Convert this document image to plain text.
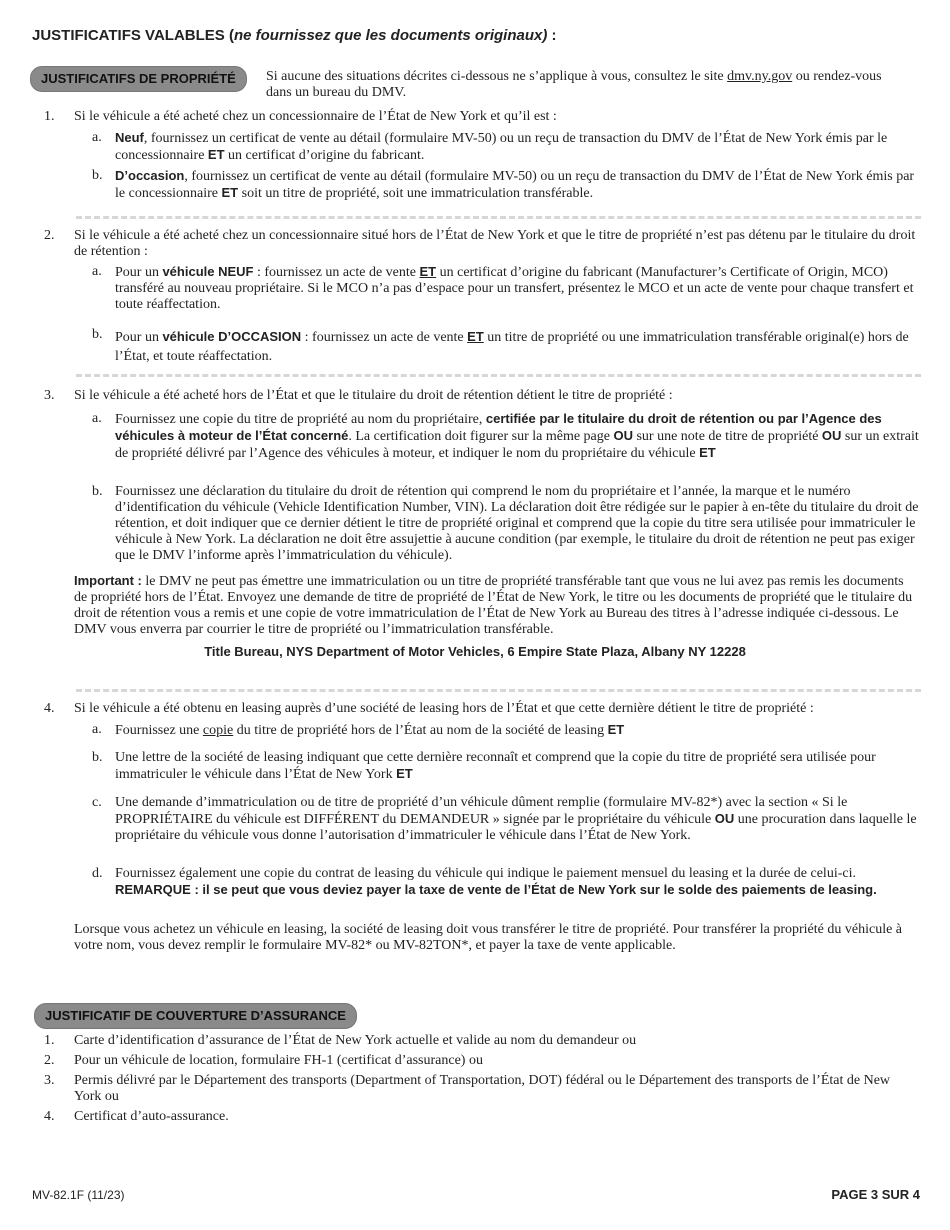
JUSTIFICATIFS VALABLES (ne fournissez que les documents originaux) :
JUSTIFICATIFS DE PROPRIÉTÉ	Si aucune des situations décrites ci-dessous ne s’applique à vous, consultez le site dmv.ny.gov ou rendez-vous dans un bureau du DMV.
1.	Si le véhicule a été acheté chez un concessionnaire de l’État de New York et qu’il est :
a.	Neuf, fournissez un certificat de vente au détail (formulaire MV-50) ou un reçu de transaction du DMV de l’État de New York émis par le concessionnaire ET un certificat d’origine du fabricant.
b. D’occasion, fournissez un certificat de vente au détail (formulaire MV-50) ou un reçu de transaction du DMV de l’État de New York émis par le concessionnaire ET soit un titre de propriété, soit une immatriculation transférable.
2.	Si le véhicule a été acheté chez un concessionnaire situé hors de l’État de New York et que le titre de propriété n’est pas détenu par le titulaire du droit de rétention :
a. Pour un véhicule NEUF : fournissez un acte de vente ET un certificat d’origine du fabricant (Manufacturer’s Certificate of Origin, MCO) transféré au nouveau propriétaire. Si le MCO n’a pas d’espace pour un transfert, présentez le MCO et un acte de vente pour chaque transfert et toute réaffectation.
b. Pour un véhicule D’OCCASION : fournissez un acte de vente ET un titre de propriété ou une immatriculation transférable original(e) hors de l’État, et toute réaffectation.
3.	Si le véhicule a été acheté hors de l’État et que le titulaire du droit de rétention détient le titre de propriété :
a. Fournissez une copie du titre de propriété au nom du propriétaire, certifiée par le titulaire du droit de rétention ou par l’Agence des véhicules à moteur de l’État concerné. La certification doit figurer sur la même page OU sur une note de titre de propriété OU sur un extrait de propriété délivré par l’Agence des véhicules à moteur, et indiquer le nom du propriétaire du véhicule ET
b. Fournissez une déclaration du titulaire du droit de rétention qui comprend le nom du propriétaire et l’année, la marque et le numéro d’identification du véhicule (Vehicle Identification Number, VIN). La déclaration doit être rédigée sur le papier à en-tête du titulaire du droit de rétention, et doit indiquer que ce dernier détient le titre de propriété original et comprend que la copie du titre sera utilisée pour immatriculer le véhicule à New York. La déclaration ne doit être assujettie à aucune condition (par exemple, le titulaire du droit de rétention ne peut pas exiger que le DMV l’informe après l’immatriculation du véhicule).
Important : le DMV ne peut pas émettre une immatriculation ou un titre de propriété transférable tant que vous ne lui avez pas remis les documents de propriété hors de l’État. Envoyez une demande de titre de propriété de l’État de New York, le titre ou les documents de propriété que le titulaire du droit de rétention vous a remis et une copie de votre immatriculation de l’État de New York au Bureau des titres à l’adresse indiquée ci-dessous. Le DMV vous enverra par courrier le titre de propriété ou l’immatriculation transférable.
Title Bureau, NYS Department of Motor Vehicles, 6 Empire State Plaza, Albany NY 12228
4.	Si le véhicule a été obtenu en leasing auprès d’une société de leasing hors de l’État et que cette dernière détient le titre de propriété :
a. Fournissez une copie du titre de propriété hors de l’État au nom de la société de leasing ET
b. Une lettre de la société de leasing indiquant que cette dernière reconnaît et comprend que la copie du titre de propriété sera utilisée pour immatriculer le véhicule dans l’État de New York ET
c. Une demande d’immatriculation ou de titre de propriété d’un véhicule dûment remplie (formulaire MV-82*) avec la section « Si le PROPRIÉTAIRE du véhicule est DIFFÉRENT du DEMANDEUR » signée par le propriétaire du véhicule OU une procuration dans laquelle le propriétaire du véhicule vous donne l’autorisation d’immatriculer le véhicule dans l’État de New York.
d. Fournissez également une copie du contrat de leasing du véhicule qui indique le paiement mensuel du leasing et la durée de celui-ci. REMARQUE : il se peut que vous deviez payer la taxe de vente de l’État de New York sur le solde des paiements de leasing.
Lorsque vous achetez un véhicule en leasing, la société de leasing doit vous transférer le titre de propriété. Pour transférer la propriété du véhicule à votre nom, vous devez remplir le formulaire MV-82* ou MV-82TON*, et payer la taxe de vente applicable.
JUSTIFICATIF DE COUVERTURE D’ASSURANCE
1.	Carte d’identification d’assurance de l’État de New York actuelle et valide au nom du demandeur ou
2.	Pour un véhicule de location, formulaire FH-1 (certificat d’assurance) ou
3.	Permis délivré par le Département des transports (Department of Transportation, DOT) fédéral ou le Département des transports de l’État de New York ou
4.	Certificat d’auto-assurance.
MV-82.1F (11/23)	PAGE 3 SUR 4
